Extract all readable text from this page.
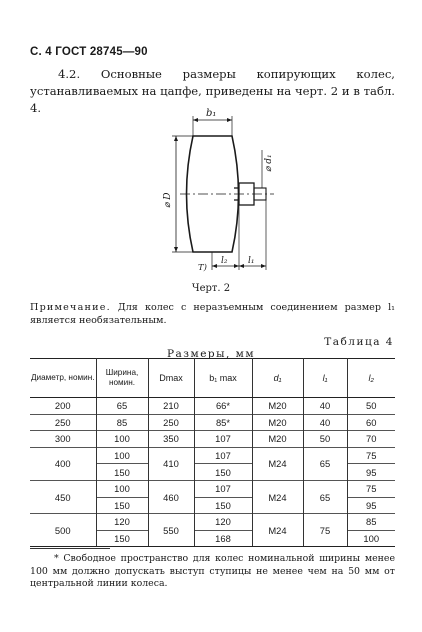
С. 4 ГОСТ 28745—90
4.2. Основные размеры копирующих колес, устанавливаемых на цапфе, приведены на черт. 2 и в табл. 4.	b₁
⌀ d₁
⌀ D
l₂ l₁
T)
Черт. 2
Примечание. Для колес с неразъемным соединением размер l₁ является необязательным.
Таблица 4
Размеры, мм
Диаметр, номин.	Ширина, номин.	Dmax	b₁ max	d₁	l₁	l₂
200	65	210	66*	M20	40	50
250	85	250	85*	M20	40	60
300	100	350	107	M20	50	70
400	100	410	107	M24	65	75
	150		150			95
450	100	460	107	M24	65	75
	150		150			95
500	120	550	120	M24	75	85
	150		168			100
* Свободное пространство для колес номинальной ширины менее 100 мм должно допускать выступ ступицы не менее чем на 50 мм от центральной линии колеса.
